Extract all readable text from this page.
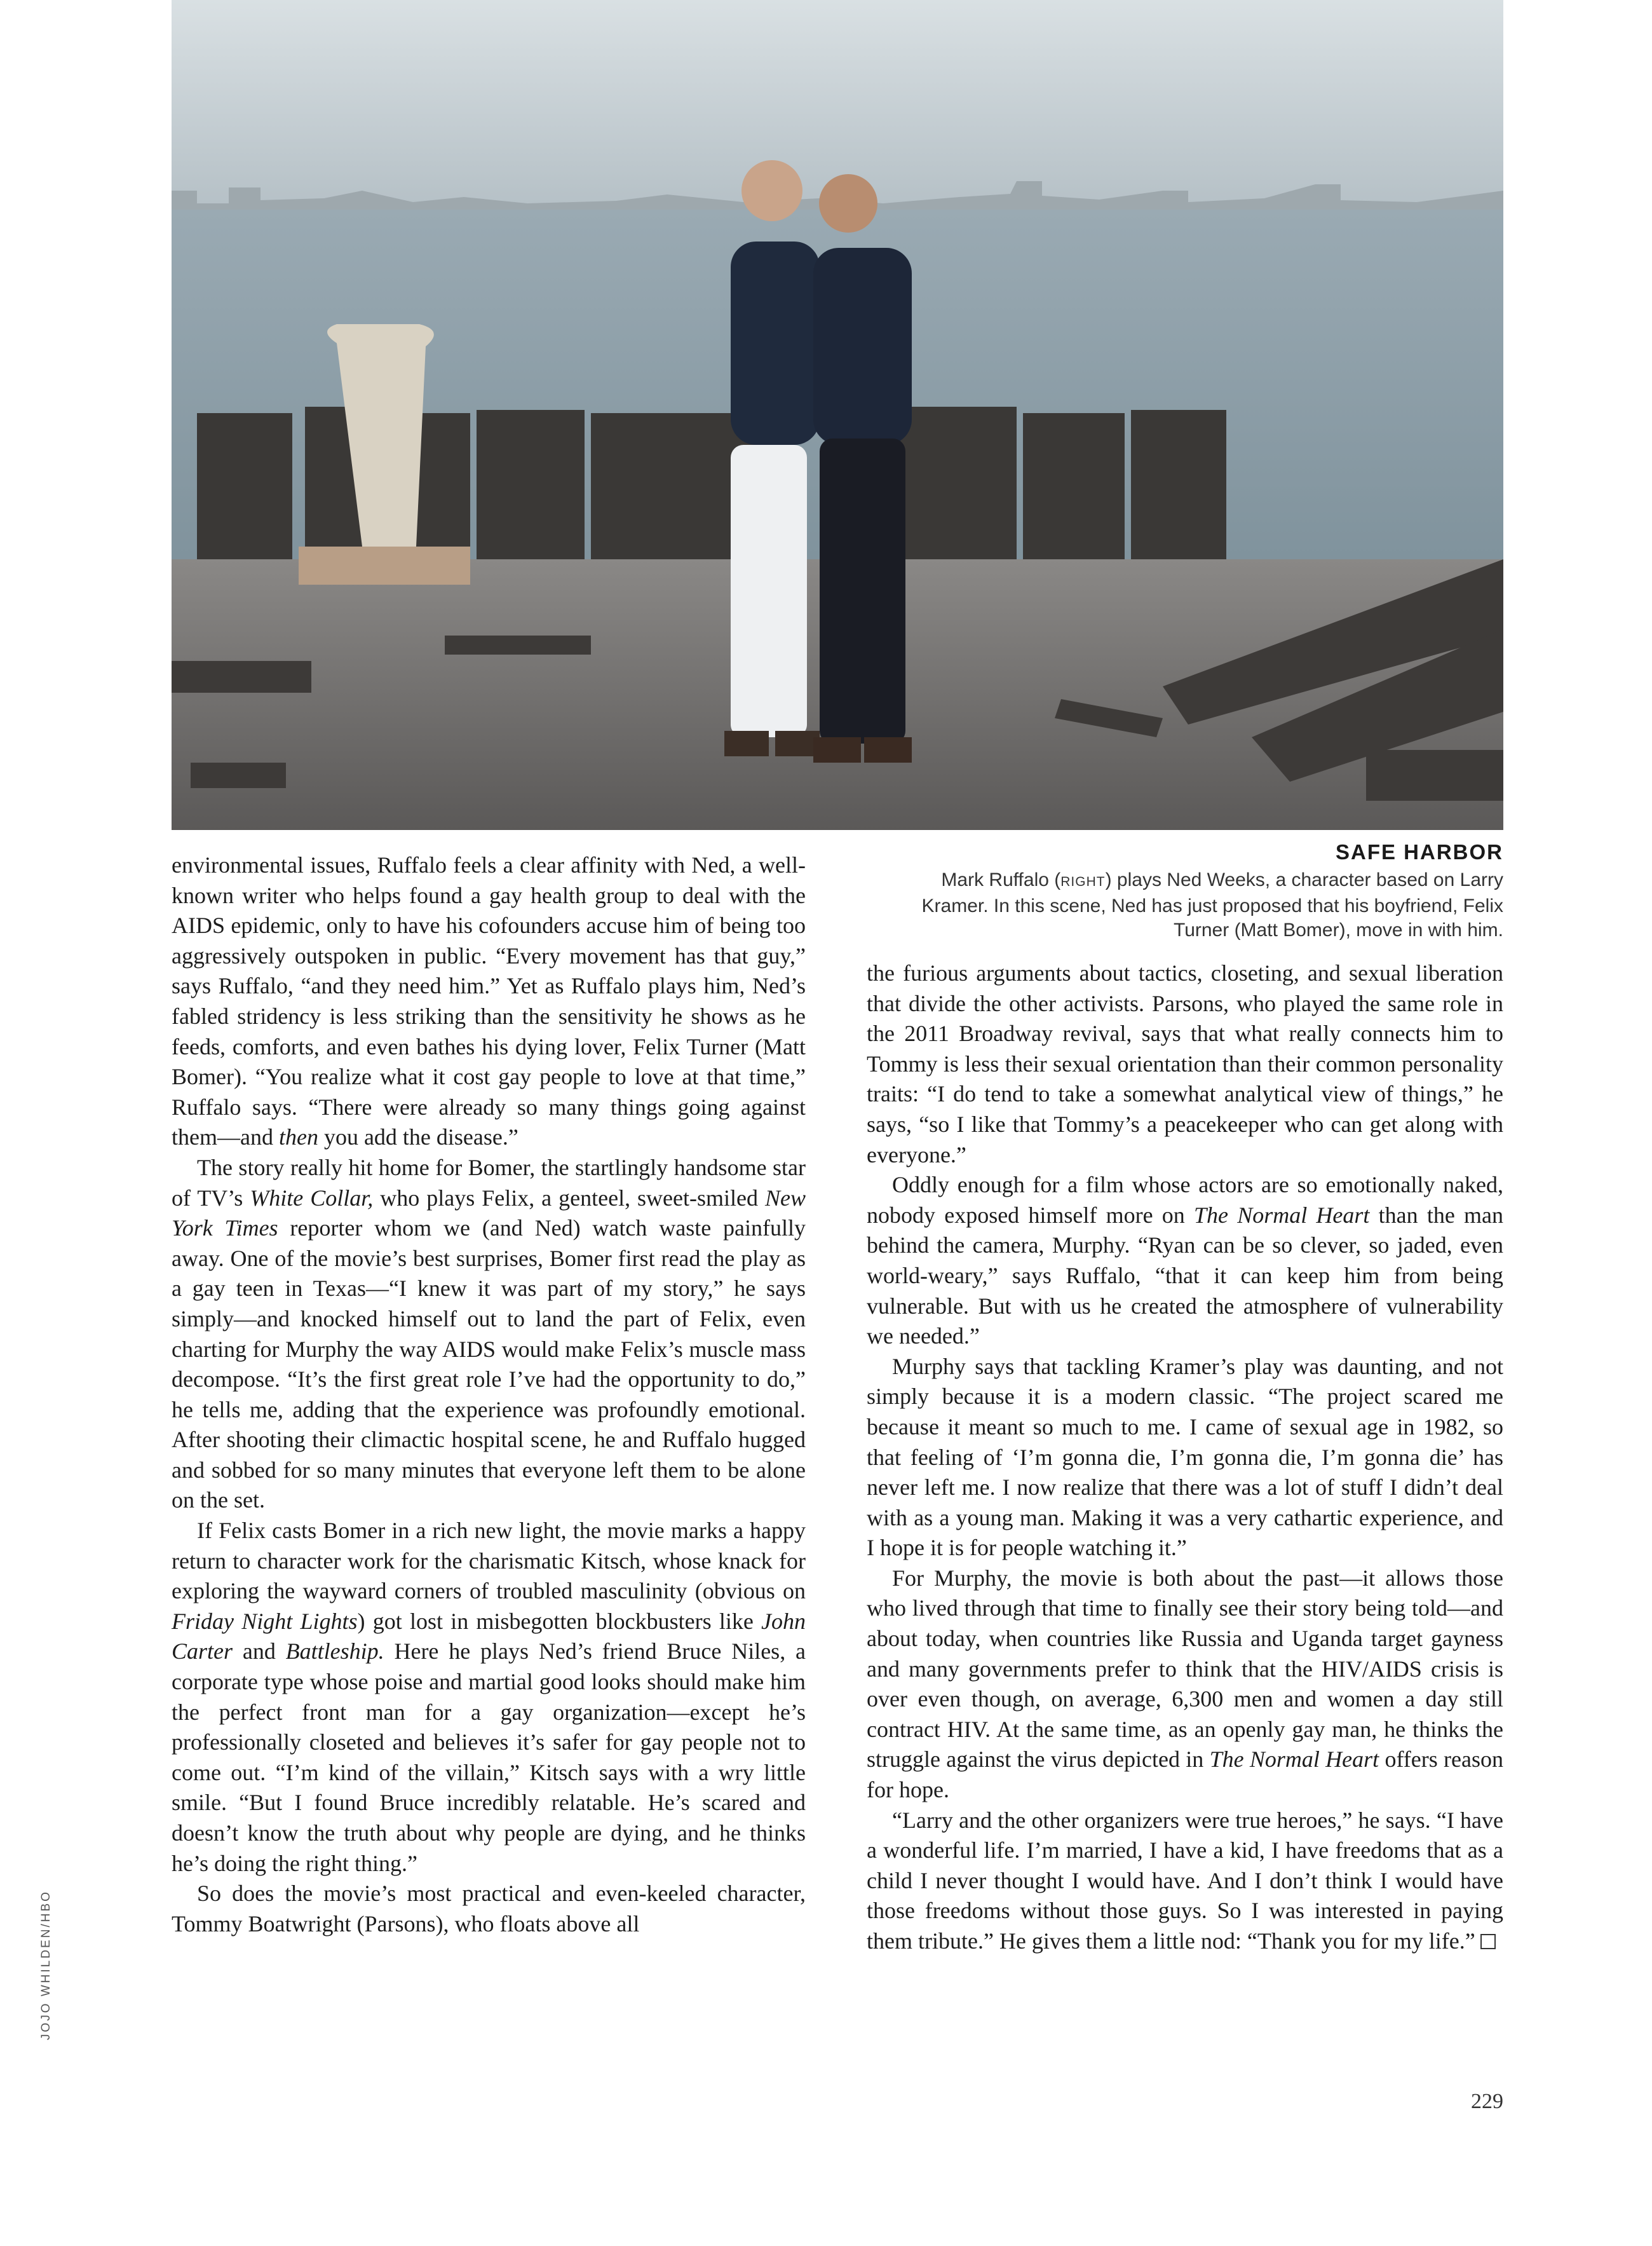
SAFE HARBOR
Mark Ruffalo (RIGHT) plays Ned Weeks, a character based on Larry Kramer. In this scene, Ned has just proposed that his boyfriend, Felix Turner (Matt Bomer), move in with him.

environmental issues, Ruffalo feels a clear affinity with Ned, a well-known writer who helps found a gay health group to deal with the AIDS epidemic, only to have his cofounders accuse him of being too aggressively outspoken in public. “Every movement has that guy,” says Ruffalo, “and they need him.” Yet as Ruffalo plays him, Ned’s fabled stridency is less striking than the sensitivity he shows as he feeds, comforts, and even bathes his dying lover, Felix Turner (Matt Bomer). “You realize what it cost gay people to love at that time,” Ruffalo says. “There were already so many things going against them—and then you add the disease.”

The story really hit home for Bomer, the startlingly handsome star of TV’s White Collar, who plays Felix, a genteel, sweet-smiled New York Times reporter whom we (and Ned) watch waste painfully away. One of the movie’s best surprises, Bomer first read the play as a gay teen in Texas—“I knew it was part of my story,” he says simply—and knocked himself out to land the part of Felix, even charting for Murphy the way AIDS would make Felix’s muscle mass decompose. “It’s the first great role I’ve had the opportunity to do,” he tells me, adding that the experience was profoundly emotional. After shooting their climactic hospital scene, he and Ruffalo hugged and sobbed for so many minutes that everyone left them to be alone on the set.

If Felix casts Bomer in a rich new light, the movie marks a happy return to character work for the charismatic Kitsch, whose knack for exploring the wayward corners of troubled masculinity (obvious on Friday Night Lights) got lost in misbegotten blockbusters like John Carter and Battleship. Here he plays Ned’s friend Bruce Niles, a corporate type whose poise and martial good looks should make him the perfect front man for a gay organization—except he’s professionally closeted and believes it’s safer for gay people not to come out. “I’m kind of the villain,” Kitsch says with a wry little smile. “But I found Bruce incredibly relatable. He’s scared and doesn’t know the truth about why people are dying, and he thinks he’s doing the right thing.”

So does the movie’s most practical and even-keeled character, Tommy Boatwright (Parsons), who floats above all

the furious arguments about tactics, closeting, and sexual liberation that divide the other activists. Parsons, who played the same role in the 2011 Broadway revival, says that what really connects him to Tommy is less their sexual orientation than their common personality traits: “I do tend to take a somewhat analytical view of things,” he says, “so I like that Tommy’s a peacekeeper who can get along with everyone.”

Oddly enough for a film whose actors are so emotionally naked, nobody exposed himself more on The Normal Heart than the man behind the camera, Murphy. “Ryan can be so clever, so jaded, even world-weary,” says Ruffalo, “that it can keep him from being vulnerable. But with us he created the atmosphere of vulnerability we needed.”

Murphy says that tackling Kramer’s play was daunting, and not simply because it is a modern classic. “The project scared me because it meant so much to me. I came of sexual age in 1982, so that feeling of ‘I’m gonna die, I’m gonna die, I’m gonna die’ has never left me. I now realize that there was a lot of stuff I didn’t deal with as a young man. Making it was a very cathartic experience, and I hope it is for people watching it.”

For Murphy, the movie is both about the past—it allows those who lived through that time to finally see their story being told—and about today, when countries like Russia and Uganda target gayness and many governments prefer to think that the HIV/AIDS crisis is over even though, on average, 6,300 men and women a day still contract HIV. At the same time, as an openly gay man, he thinks the struggle against the virus depicted in The Normal Heart offers reason for hope.

“Larry and the other organizers were true heroes,” he says. “I have a wonderful life. I’m married, I have a kid, I have freedoms that as a child I never thought I would have. And I don’t think I would have those freedoms without those guys. So I was interested in paying them tribute.” He gives them a little nod: “Thank you for my life.”

JOJO WHILDEN/HBO
229
